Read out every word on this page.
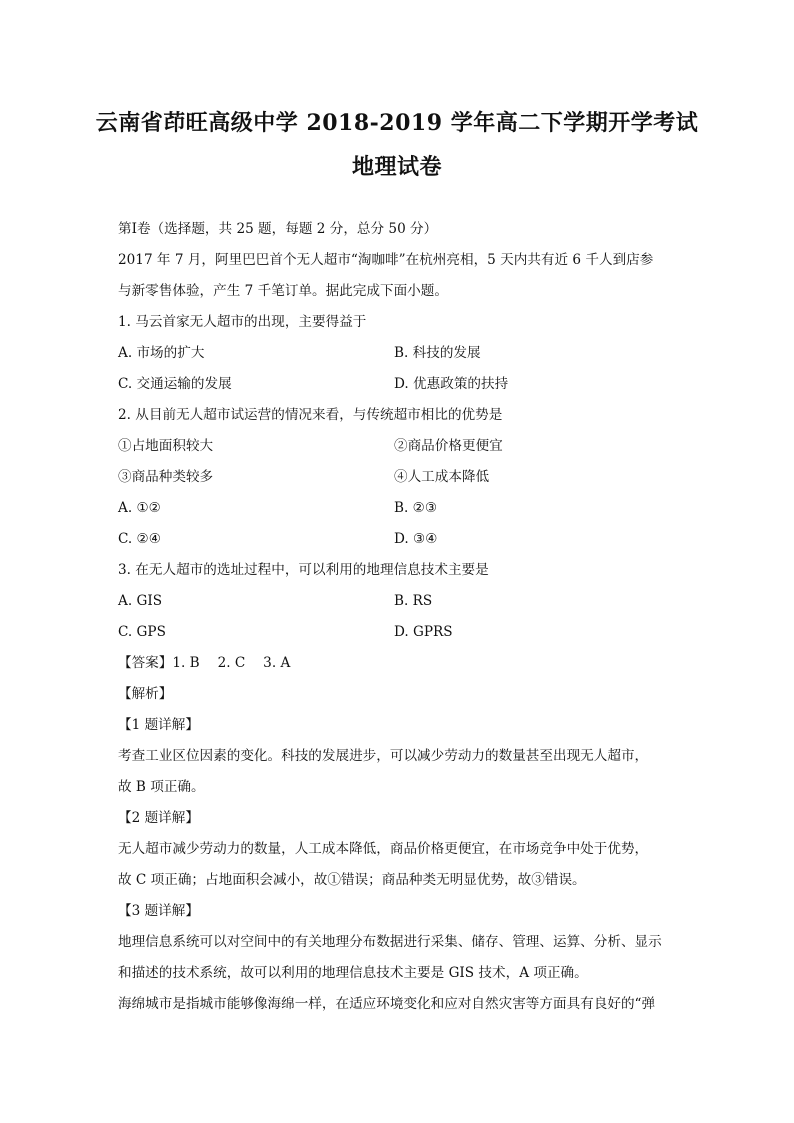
云南省茚旺高级中学 2018-2019 学年高二下学期开学考试
地理试卷
第Ⅰ卷（选择题，共 25 题，每题 2 分，总分 50 分）
2017 年 7 月，阿里巴巴首个无人超市“淘咖啡”在杭州亮相，5 天内共有近 6 千人到店参
与新零售体验，产生 7 千笔订单。据此完成下面小题。
1. 马云首家无人超市的出现，主要得益于
A. 市场的扩大	B. 科技的发展
C. 交通运输的发展	D. 优惠政策的扶持
2. 从目前无人超市试运营的情况来看，与传统超市相比的优势是
①占地面积较大	②商品价格更便宜
③商品种类较多	④人工成本降低
A. ①②	B. ②③
C. ②④	D. ③④
3. 在无人超市的选址过程中，可以利用的地理信息技术主要是
A. GIS	B. RS
C. GPS	D. GPRS
【答案】1. B　 2. C　 3. A
【解析】
【1 题详解】
考查工业区位因素的变化。科技的发展进步，可以减少劳动力的数量甚至出现无人超市，
故 B 项正确。
【2 题详解】
无人超市减少劳动力的数量，人工成本降低，商品价格更便宜，在市场竞争中处于优势，
故 C 项正确；占地面积会减小，故①错误；商品种类无明显优势，故③错误。
【3 题详解】
地理信息系统可以对空间中的有关地理分布数据进行采集、储存、管理、运算、分析、显示
和描述的技术系统，故可以利用的地理信息技术主要是 GIS 技术，A 项正确。
海绵城市是指城市能够像海绵一样，在适应环境变化和应对自然灾害等方面具有良好的“弹
